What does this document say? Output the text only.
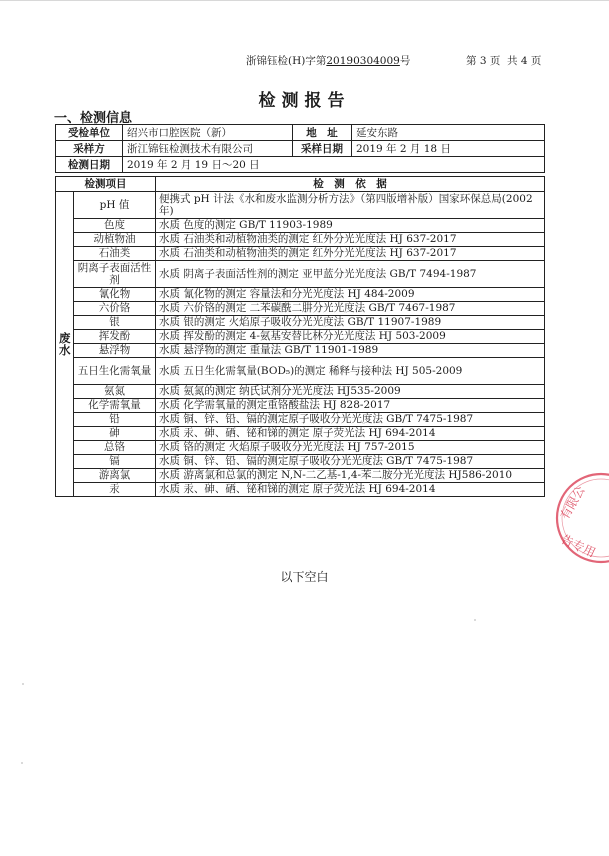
浙锦钰检(H)字第20190304009号	第 3 页 共 4 页
检测报告
一、检测信息
受检单位	绍兴市口腔医院（新）	地　址	延安东路
采样方	浙江锦钰检测技术有限公司	采样日期	2019 年 2 月 18 日
检测日期	2019 年 2 月 19 日～20 日		
检测项目		检　测　依　据
废水	pH 值	便携式 pH 计法《水和废水监测分析方法》（第四版增补版）国家环保总局(2002 年)
	色度	水质 色度的测定 GB/T 11903-1989
	动植物油	水质 石油类和动植物油类的测定 红外分光光度法 HJ 637-2017
	石油类	水质 石油类和动植物油类的测定 红外分光光度法 HJ 637-2017
	阴离子表面活性剂	水质 阴离子表面活性剂的测定 亚甲蓝分光光度法 GB/T 7494-1987
	氰化物	水质 氰化物的测定 容量法和分光光度法 HJ 484-2009
	六价铬	水质 六价铬的测定 二苯碳酰二肼分光光度法 GB/T 7467-1987
	银	水质 银的测定 火焰原子吸收分光光度法 GB/T 11907-1989
	挥发酚	水质 挥发酚的测定 4-氨基安替比林分光光度法 HJ 503-2009
	悬浮物	水质 悬浮物的测定 重量法 GB/T 11901-1989
	五日生化需氧量	水质 五日生化需氧量(BOD₅)的测定 稀释与接种法 HJ 505-2009
	氨氮	水质 氨氮的测定 纳氏试剂分光光度法 HJ535-2009
	化学需氧量	水质 化学需氧量的测定重铬酸盐法 HJ 828-2017
	铅	水质 铜、锌、铅、镉的测定原子吸收分光光度法 GB/T 7475-1987
	砷	水质 汞、砷、硒、铋和锑的测定 原子荧光法 HJ 694-2014
	总铬	水质 铬的测定 火焰原子吸收分光光度法 HJ 757-2015
	镉	水质 铜、锌、铅、镉的测定原子吸收分光光度法 GB/T 7475-1987
	游离氯	水质 游离氯和总氯的测定 N,N-二乙基-1,4-苯二胺分光光度法 HJ586-2010
	汞	水质 汞、砷、硒、铋和锑的测定 原子荧光法 HJ 694-2014
以下空白
有限公
告专用
